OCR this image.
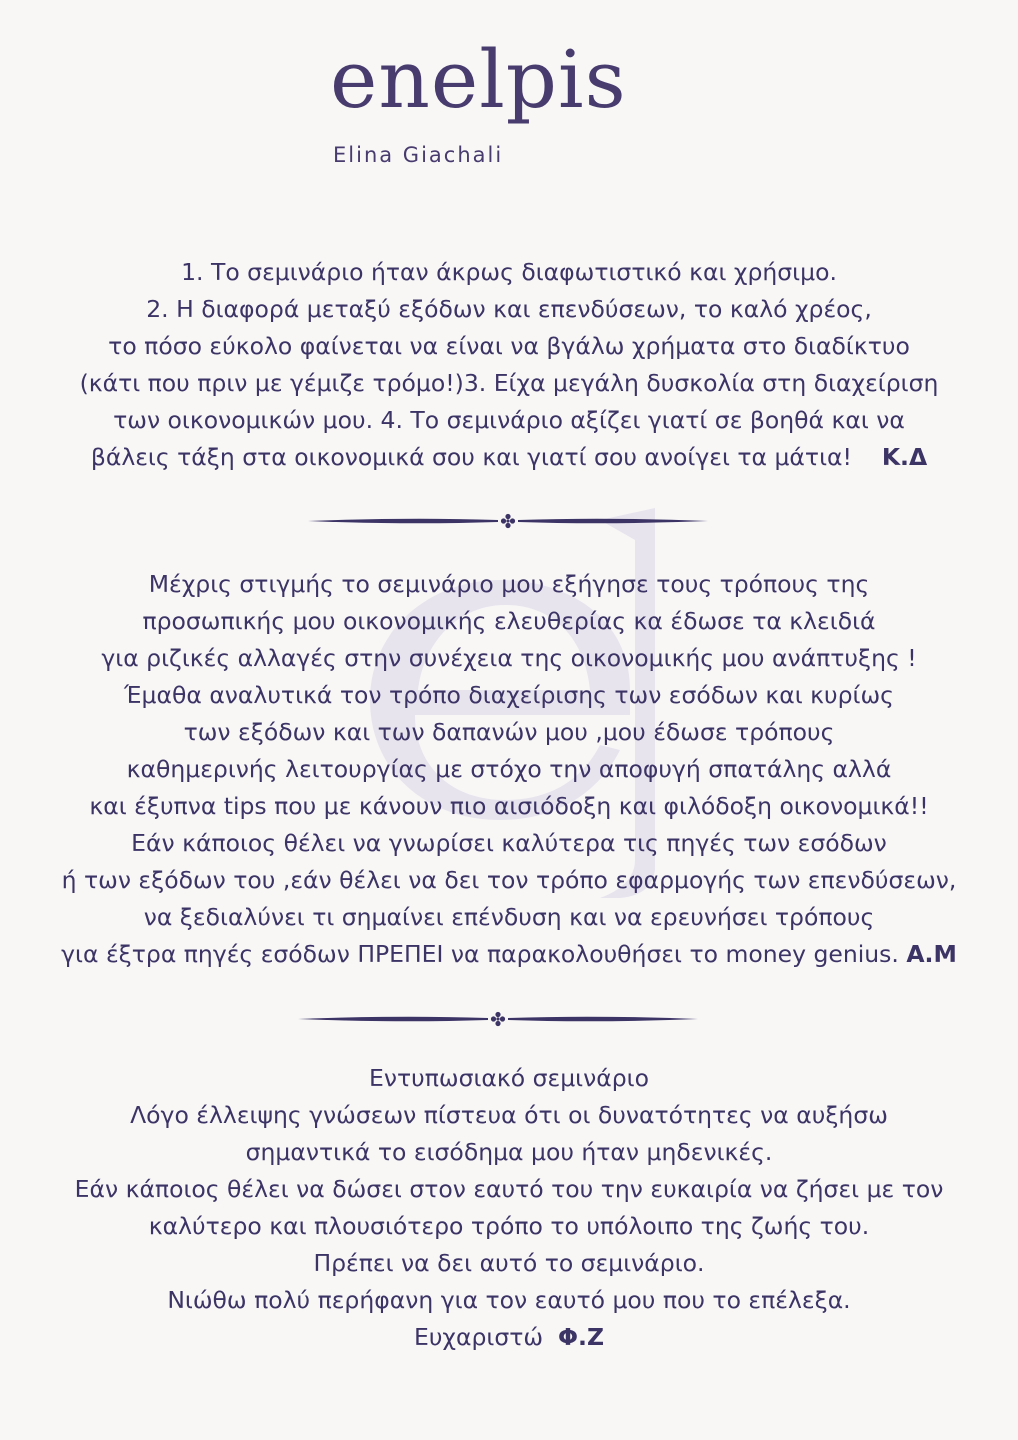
enelpis
Elina Giachali
1. Το σεμινάριο ήταν άκρως διαφωτιστικό και χρήσιμο.
2. Η διαφορά μεταξύ εξόδων και επενδύσεων, το καλό χρέος,
το πόσο εύκολο φαίνεται να είναι να βγάλω χρήματα στο διαδίκτυο
(κάτι που πριν με γέμιζε τρόμο!)3. Είχα μεγάλη δυσκολία στη διαχείριση
των οικονομικών μου. 4. Το σεμινάριο αξίζει γιατί σε βοηθά και να
βάλεις τάξη στα οικονομικά σου και γιατί σου ανοίγει τα μάτια! Κ.Δ
Μέχρις στιγμής το σεμινάριο μου εξήγησε τους τρόπους της
προσωπικής μου οικονομικής ελευθερίας κα έδωσε τα κλειδιά
για ριζικές αλλαγές στην συνέχεια της οικονομικής μου ανάπτυξης !
Έμαθα αναλυτικά τον τρόπο διαχείρισης των εσόδων και κυρίως
των εξόδων και των δαπανών μου ,μου έδωσε τρόπους
καθημερινής λειτουργίας με στόχο την αποφυγή σπατάλης αλλά
και έξυπνα tips που με κάνουν πιο αισιόδοξη και φιλόδοξη οικονομικά!!
Εάν κάποιος θέλει να γνωρίσει καλύτερα τις πηγές των εσόδων
ή των εξόδων του ,εάν θέλει να δει τον τρόπο εφαρμογής των επενδύσεων,
να ξεδιαλύνει τι σημαίνει επένδυση και να ερευνήσει τρόπους
για έξτρα πηγές εσόδων ΠΡΕΠΕΙ να παρακολουθήσει το money genius. Α.Μ
Εντυπωσιακό σεμινάριο
Λόγο έλλειψης γνώσεων πίστευα ότι οι δυνατότητες να αυξήσω
σημαντικά το εισόδημα μου ήταν μηδενικές.
Εάν κάποιος θέλει να δώσει στον εαυτό του την ευκαιρία να ζήσει με τον
καλύτερο και πλουσιότερο τρόπο το υπόλοιπο της ζωής του.
Πρέπει να δει αυτό το σεμινάριο.
Νιώθω πολύ περήφανη για τον εαυτό μου που το επέλεξα.
Ευχαριστώ Φ.Ζ
